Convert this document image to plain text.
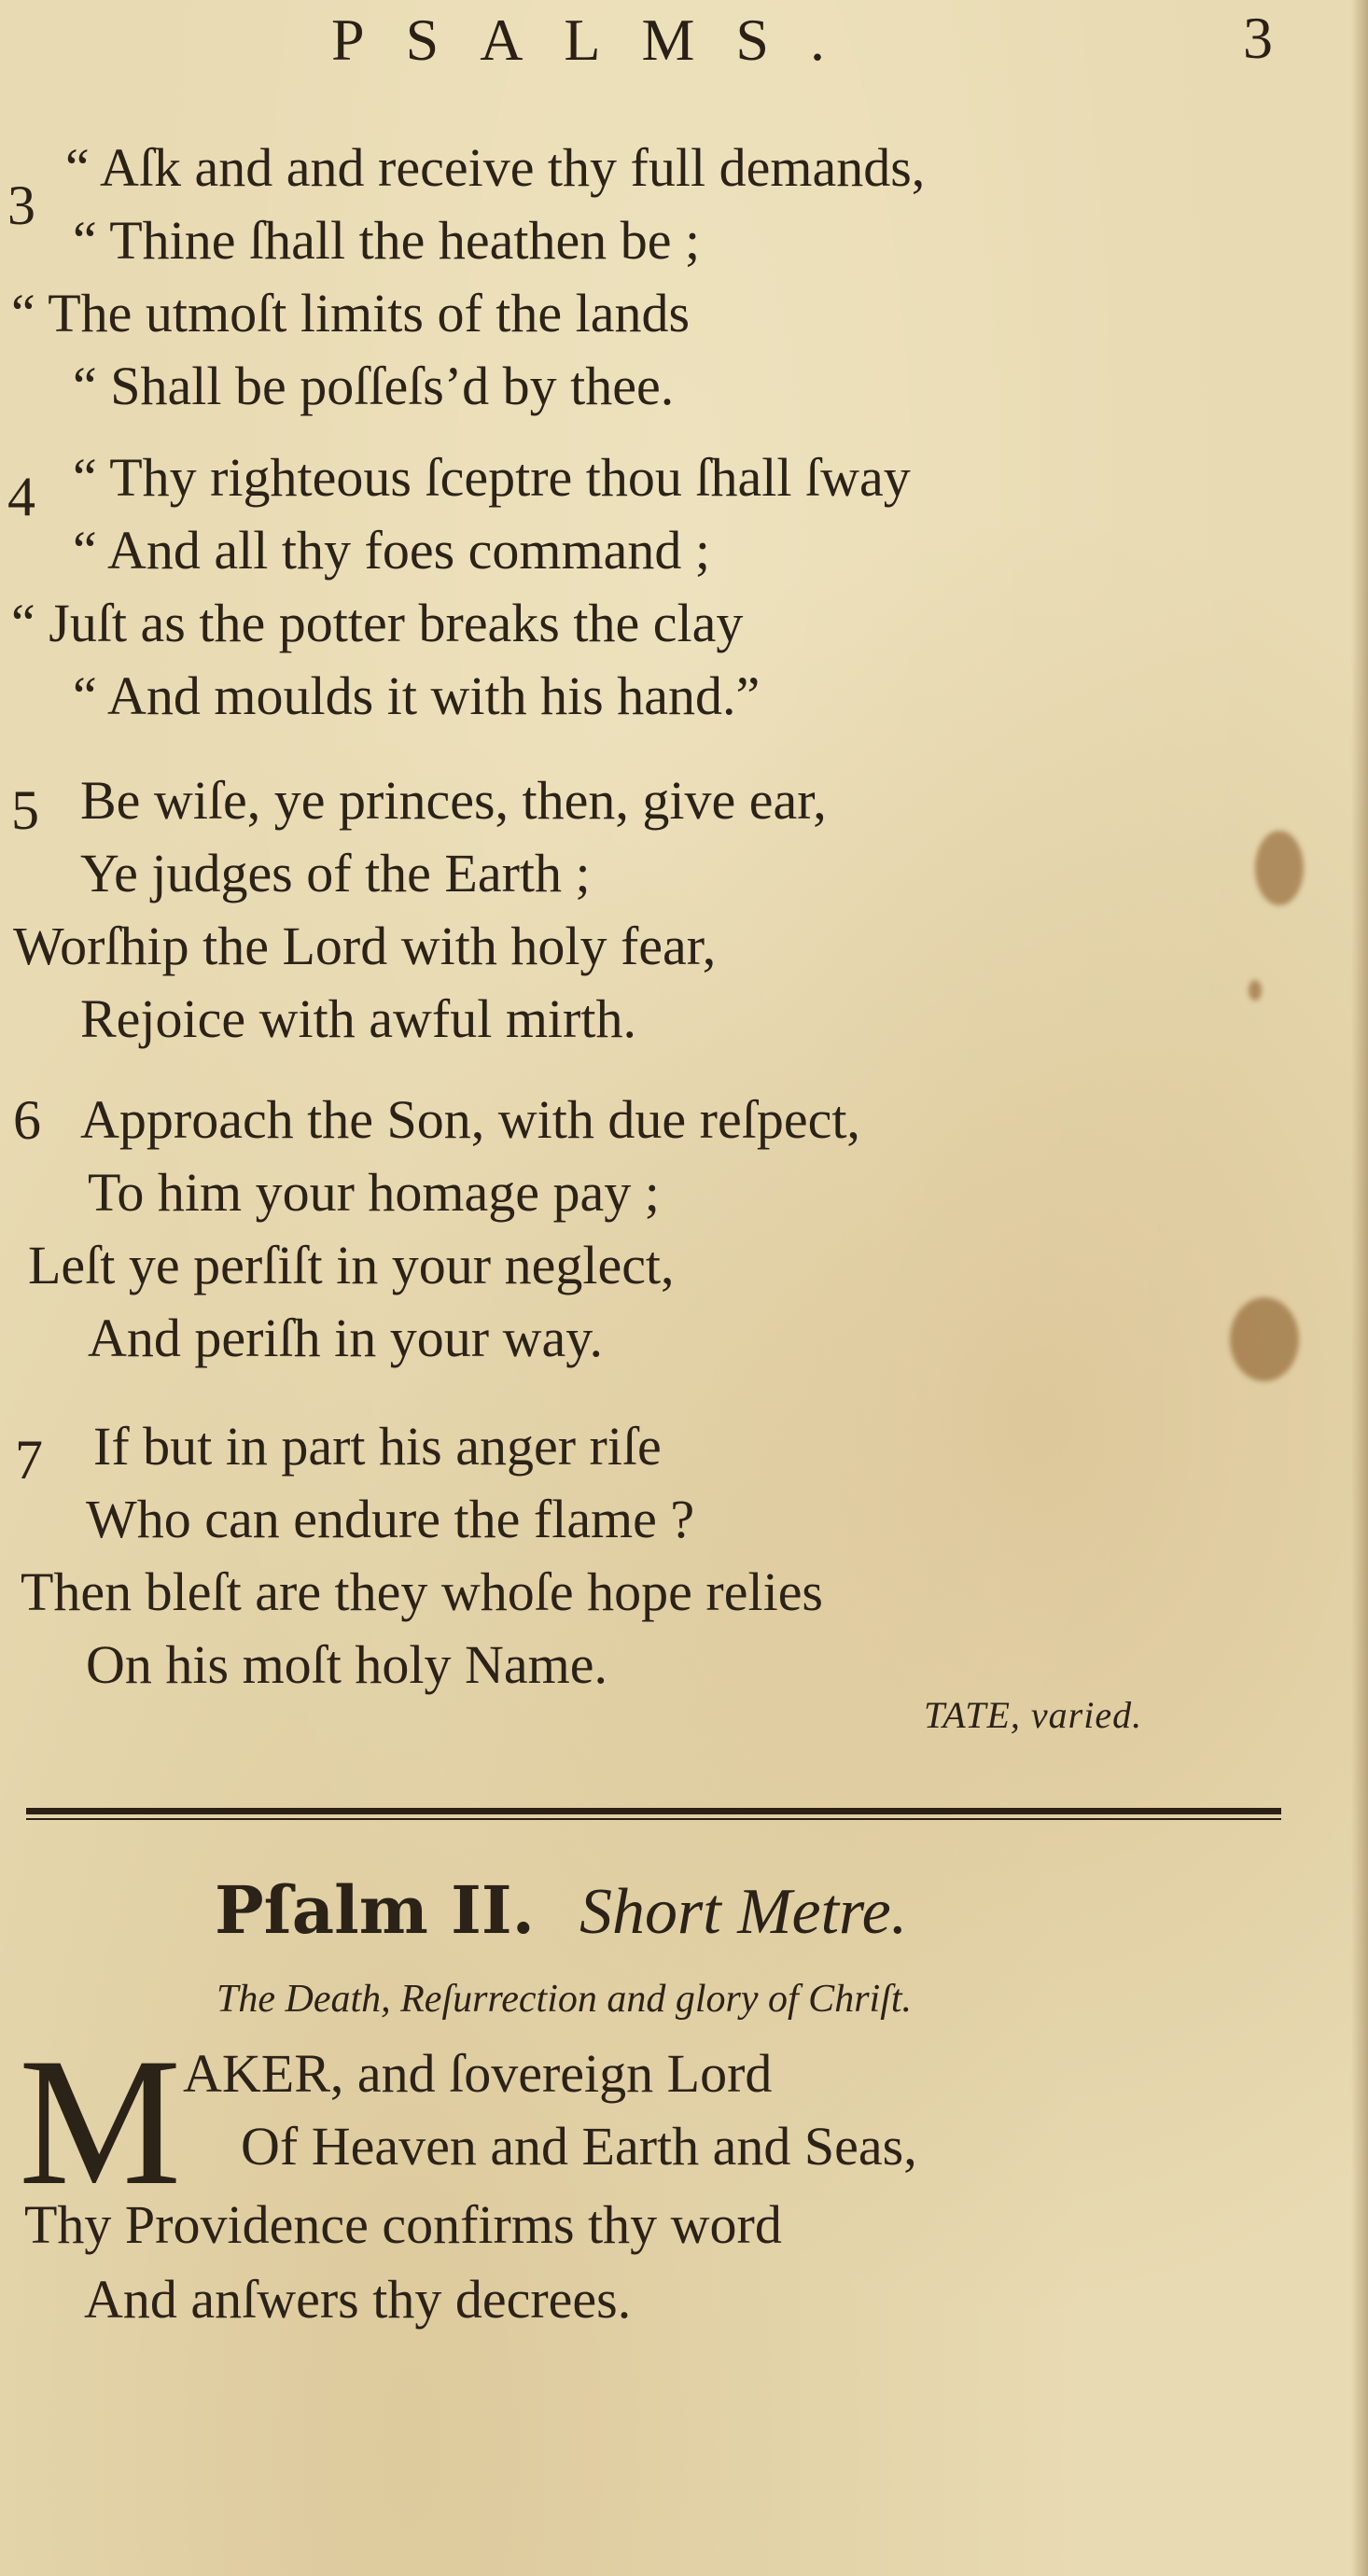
PSALMS.	3
3
“ Aſk and and receive thy full demands,
“ Thine ſhall the heathen be ;
“ The utmoſt limits of the lands
“ Shall be poſſeſs’d by thee.
4 “ Thy righteous ſceptre thou ſhall ſway
“ And all thy foes command ;
“ Juſt as the potter breaks the clay
“ And moulds it with his hand.”
5 Be wiſe, ye princes, then, give ear,
Ye judges of the Earth ;
Worſhip the Lord with holy fear,
Rejoice with awful mirth.
6 Approach the Son, with due reſpect,
To him your homage pay ;
Leſt ye perſiſt in your neglect,
And periſh in your way.
7 If but in part his anger riſe
Who can endure the flame ?
Then bleſt are they whoſe hope relies
On his moſt holy Name.
TATE, varied.
Pſalm II. Short Metre.
The Death, Reſurrection and glory of Chriſt.
M AKER, and ſovereign Lord
Of Heaven and Earth and Seas,
Thy Providence confirms thy word
And anſwers thy decrees.
